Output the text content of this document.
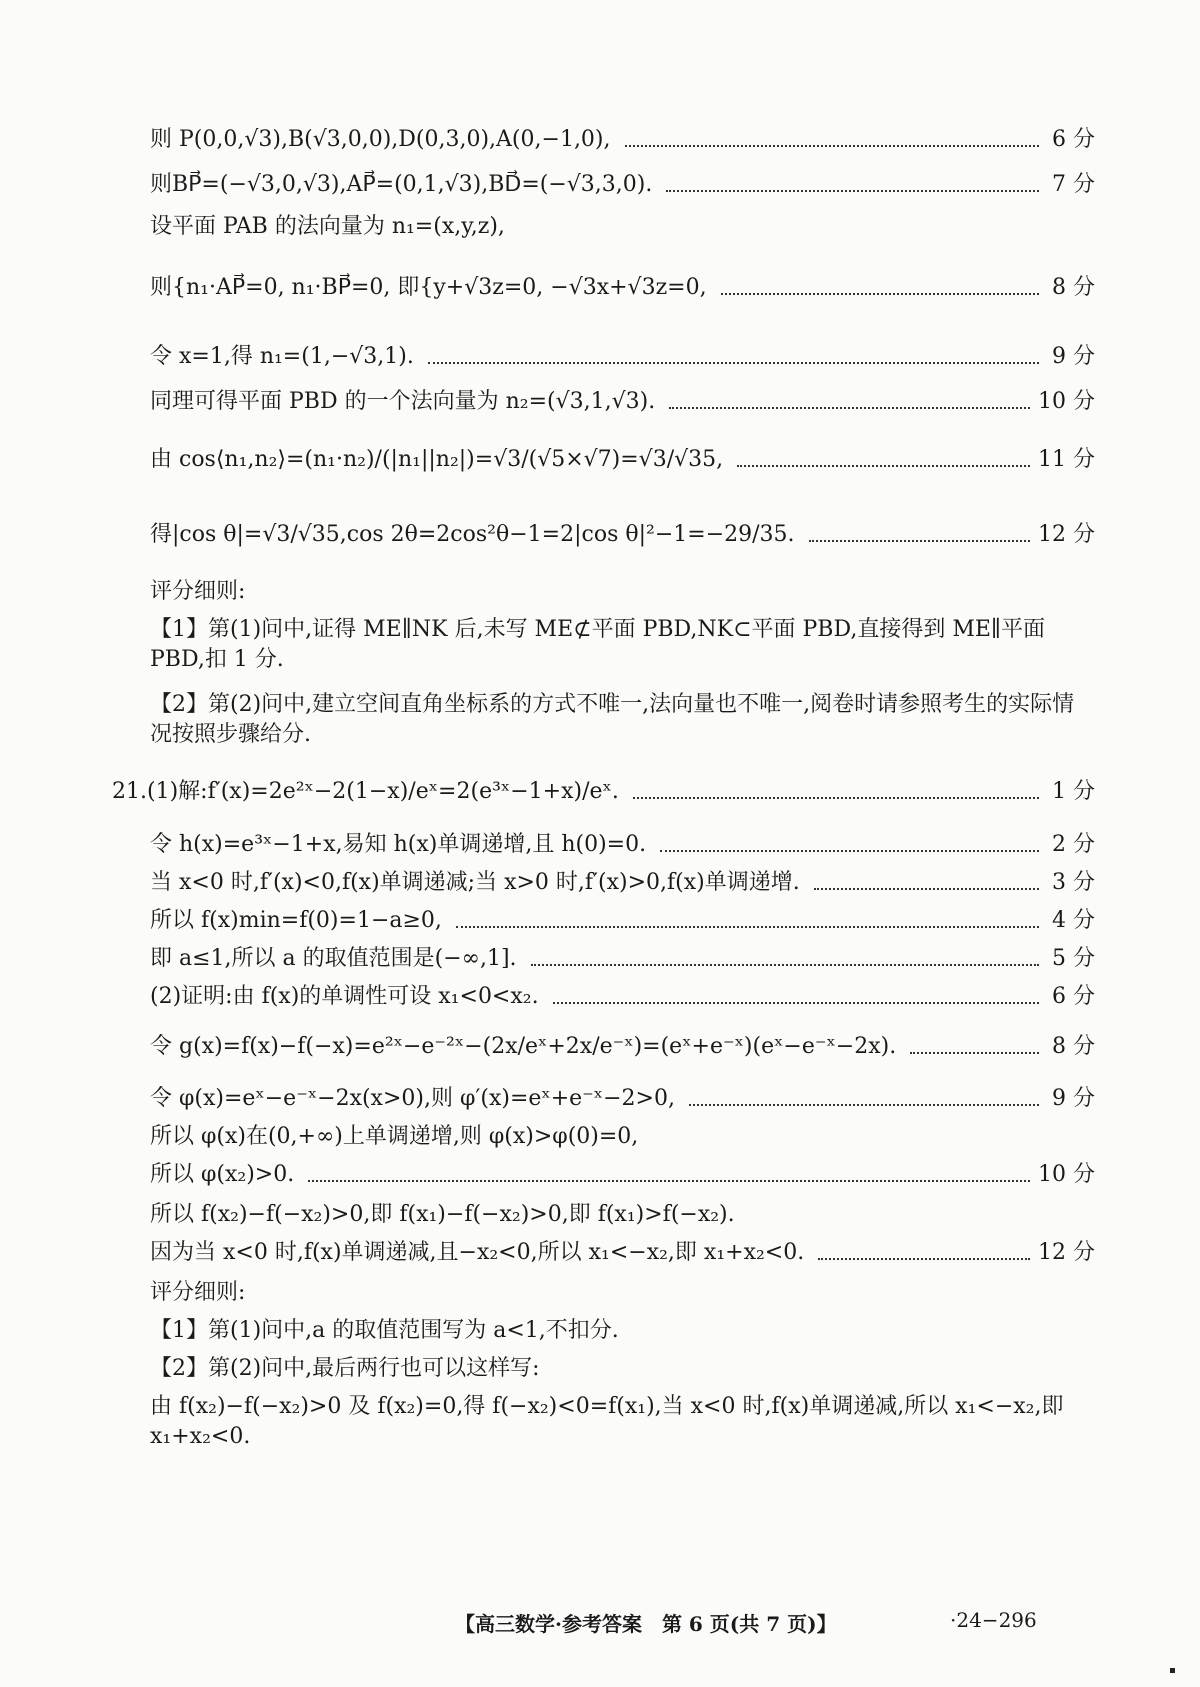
则 P(0,0,√3),B(√3,0,0),D(0,3,0),A(0,−1,0),	6 分
则BP⃗=(−√3,0,√3),AP⃗=(0,1,√3),BD⃗=(−√3,3,0).	7 分
设平面 PAB 的法向量为 n₁=(x,y,z),
则{n₁·AP⃗=0, n₁·BP⃗=0, 即{y+√3z=0, −√3x+√3z=0,	8 分
令 x=1,得 n₁=(1,−√3,1).	9 分
同理可得平面 PBD 的一个法向量为 n₂=(√3,1,√3).	10 分
由 cos⟨n₁,n₂⟩=(n₁·n₂)/(|n₁||n₂|)=√3/(√5×√7)=√3/√35,	11 分
得|cos θ|=√3/√35,cos 2θ=2cos²θ−1=2|cos θ|²−1=−29/35.	12 分
评分细则:
【1】第(1)问中,证得 ME∥NK 后,未写 ME⊄平面 PBD,NK⊂平面 PBD,直接得到 ME∥平面 PBD,扣 1 分.
【2】第(2)问中,建立空间直角坐标系的方式不唯一,法向量也不唯一,阅卷时请参照考生的实际情况按照步骤给分.
21.(1)解:f′(x)=2e²ˣ−2(1−x)/eˣ=2(e³ˣ−1+x)/eˣ.	1 分
令 h(x)=e³ˣ−1+x,易知 h(x)单调递增,且 h(0)=0.	2 分
当 x<0 时,f′(x)<0,f(x)单调递减;当 x>0 时,f′(x)>0,f(x)单调递增.	3 分
所以 f(x)min=f(0)=1−a≥0,	4 分
即 a≤1,所以 a 的取值范围是(−∞,1].	5 分
(2)证明:由 f(x)的单调性可设 x₁<0<x₂.	6 分
令 g(x)=f(x)−f(−x)=e²ˣ−e⁻²ˣ−(2x/eˣ+2x/e⁻ˣ)=(eˣ+e⁻ˣ)(eˣ−e⁻ˣ−2x).	8 分
令 φ(x)=eˣ−e⁻ˣ−2x(x>0),则 φ′(x)=eˣ+e⁻ˣ−2>0,	9 分
所以 φ(x)在(0,+∞)上单调递增,则 φ(x)>φ(0)=0,
所以 φ(x₂)>0.	10 分
所以 f(x₂)−f(−x₂)>0,即 f(x₁)−f(−x₂)>0,即 f(x₁)>f(−x₂).
因为当 x<0 时,f(x)单调递减,且−x₂<0,所以 x₁<−x₂,即 x₁+x₂<0.	12 分
评分细则:
【1】第(1)问中,a 的取值范围写为 a<1,不扣分.
【2】第(2)问中,最后两行也可以这样写:
由 f(x₂)−f(−x₂)>0 及 f(x₂)=0,得 f(−x₂)<0=f(x₁),当 x<0 时,f(x)单调递减,所以 x₁<−x₂,即 x₁+x₂<0.
【高三数学·参考答案　第 6 页(共 7 页)】	·24−296
